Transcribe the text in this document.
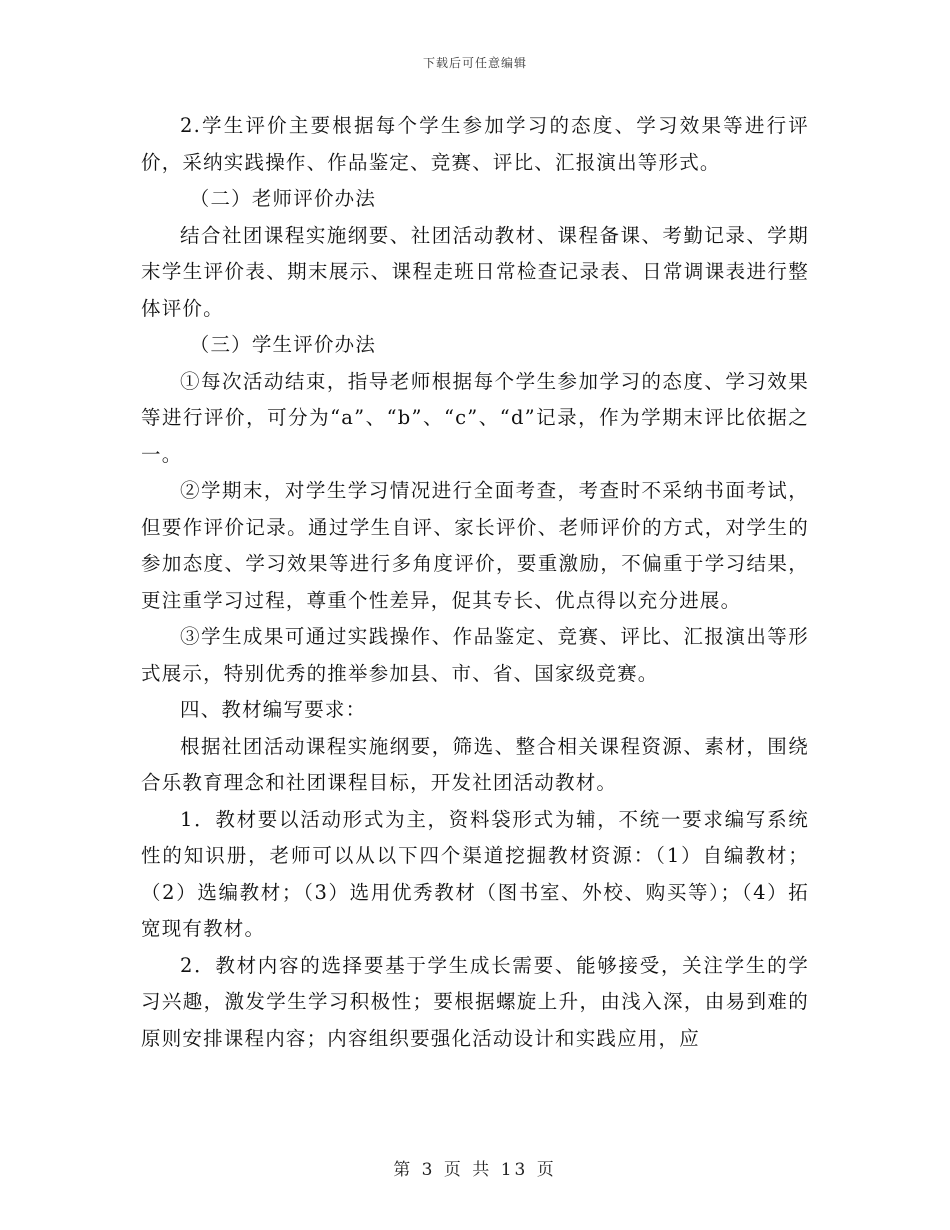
下载后可任意编辑

2.学生评价主要根据每个学生参加学习的态度、学习效果等进行评价，采纳实践操作、作品鉴定、竞赛、评比、汇报演出等形式。

（二）老师评价办法

结合社团课程实施纲要、社团活动教材、课程备课、考勤记录、学期末学生评价表、期末展示、课程走班日常检查记录表、日常调课表进行整体评价。

（三）学生评价办法

①每次活动结束，指导老师根据每个学生参加学习的态度、学习效果等进行评价，可分为“a”、“b”、“c”、“d”记录，作为学期末评比依据之一。

②学期末，对学生学习情况进行全面考查，考查时不采纳书面考试，但要作评价记录。通过学生自评、家长评价、老师评价的方式，对学生的参加态度、学习效果等进行多角度评价，要重激励，不偏重于学习结果，更注重学习过程，尊重个性差异，促其专长、优点得以充分进展。

③学生成果可通过实践操作、作品鉴定、竞赛、评比、汇报演出等形式展示，特别优秀的推举参加县、市、省、国家级竞赛。

四、教材编写要求：

根据社团活动课程实施纲要，筛选、整合相关课程资源、素材，围绕合乐教育理念和社团课程目标，开发社团活动教材。

1．教材要以活动形式为主，资料袋形式为辅，不统一要求编写系统性的知识册，老师可以从以下四个渠道挖掘教材资源：（1）自编教材；（2）选编教材；（3）选用优秀教材（图书室、外校、购买等）；（4）拓宽现有教材。

2．教材内容的选择要基于学生成长需要、能够接受，关注学生的学习兴趣，激发学生学习积极性；要根据螺旋上升，由浅入深，由易到难的原则安排课程内容；内容组织要强化活动设计和实践应用，应

第 3 页 共 13 页
